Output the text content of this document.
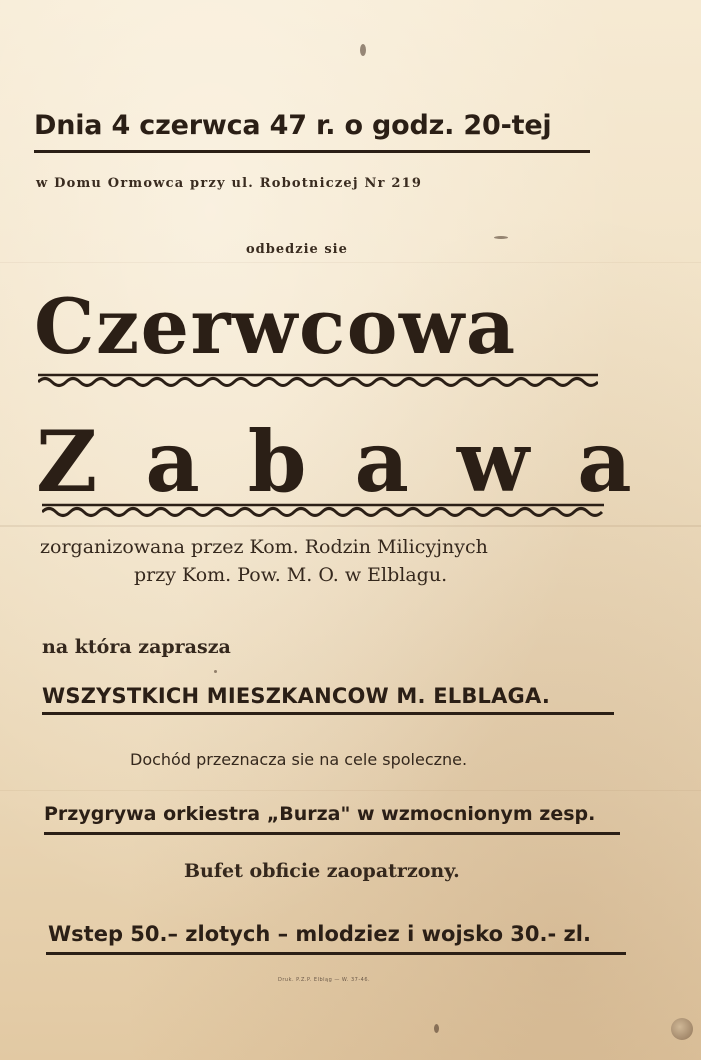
Dnia 4 czerwca 47 r. o godz. 20-tej
w Domu Ormowca przy ul. Robotniczej Nr 219
odbedzie sie
Czerwcowa
Zabawa
zorganizowana przez Kom. Rodzin Milicyjnych
przy Kom. Pow. M. O. w Elblagu.
na która zaprasza
WSZYSTKICH MIESZKANCOW M. ELBLAGA.
Dochód przeznacza sie na cele spoleczne.
Przygrywa orkiestra „Burza" w wzmocnionym zesp.
Bufet obficie zaopatrzony.
Wstep 50.– zlotych – mlodziez i wojsko 30.- zl.
Druk. P.Z.P. Elbląg — W. 37-46.
